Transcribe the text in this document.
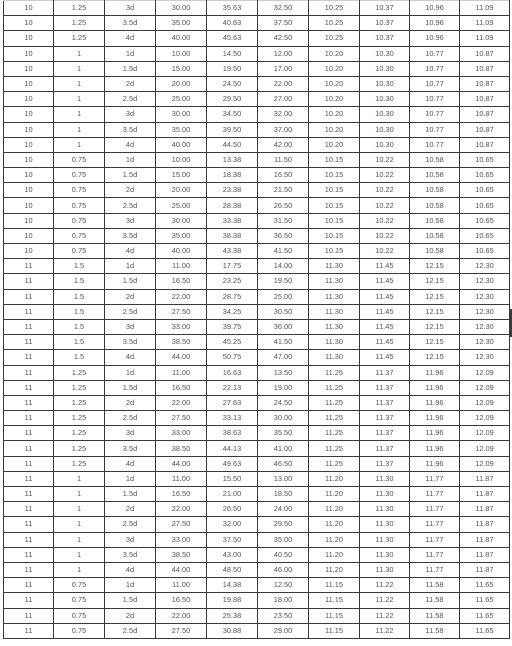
10	1.25	3d	30.00	35.63	32.50	10.25	10.37	10.96	11.09
10	1.25	3.5d	35.00	40.63	37.50	10.25	10.37	10.96	11.09
10	1.25	4d	40.00	45.63	42.50	10.25	10.37	10.96	11.09
10	1	1d	10.00	14.50	12.00	10.20	10.30	10.77	10.87
10	1	1.5d	15.00	19.50	17.00	10.20	10.30	10.77	10.87
10	1	2d	20.00	24.50	22.00	10.20	10.30	10.77	10.87
10	1	2.5d	25.00	29.50	27.00	10.20	10.30	10.77	10.87
10	1	3d	30.00	34.50	32.00	10.20	10.30	10.77	10.87
10	1	3.5d	35.00	39.50	37.00	10.20	10.30	10.77	10.87
10	1	4d	40.00	44.50	42.00	10.20	10.30	10.77	10.87
10	0.75	1d	10.00	13.38	11.50	10.15	10.22	10.58	10.65
10	0.75	1.5d	15.00	18.38	16.50	10.15	10.22	10.58	10.65
10	0.75	2d	20.00	23.38	21.50	10.15	10.22	10.58	10.65
10	0.75	2.5d	25.00	28.38	26.50	10.15	10.22	10.58	10.65
10	0.75	3d	30.00	33.38	31.50	10.15	10.22	10.58	10.65
10	0.75	3.5d	35.00	38.38	36.50	10.15	10.22	10.58	10.65
10	0.75	4d	40.00	43.38	41.50	10.15	10.22	10.58	10.65
11	1.5	1d	11.00	17.75	14.00	11.30	11.45	12.15	12.30
11	1.5	1.5d	16.50	23.25	19.50	11.30	11.45	12.15	12.30
11	1.5	2d	22.00	28.75	25.00	11.30	11.45	12.15	12.30
11	1.5	2.5d	27.50	34.25	30.50	11.30	11.45	12.15	12.30
11	1.5	3d	33.00	39.75	36.00	11.30	11.45	12.15	12.30
11	1.5	3.5d	38.50	45.25	41.50	11.30	11.45	12.15	12.30
11	1.5	4d	44.00	50.75	47.00	11.30	11.45	12.15	12.30
11	1.25	1d	11.00	16.63	13.50	11.25	11.37	11.96	12.09
11	1.25	1.5d	16.50	22.13	19.00	11.25	11.37	11.96	12.09
11	1.25	2d	22.00	27.63	24.50	11.25	11.37	11.96	12.09
11	1.25	2.5d	27.50	33.13	30.00	11.25	11.37	11.96	12.09
11	1.25	3d	33.00	38.63	35.50	11.25	11.37	11.96	12.09
11	1.25	3.5d	38.50	44.13	41.00	11.25	11.37	11.96	12.09
11	1.25	4d	44.00	49.63	46.50	11.25	11.37	11.96	12.09
11	1	1d	11.00	15.50	13.00	11.20	11.30	11.77	11.87
11	1	1.5d	16.50	21.00	18.50	11.20	11.30	11.77	11.87
11	1	2d	22.00	26.50	24.00	11.20	11.30	11.77	11.87
11	1	2.5d	27.50	32.00	29.50	11.20	11.30	11.77	11.87
11	1	3d	33.00	37.50	35.00	11.20	11.30	11.77	11.87
11	1	3.5d	38.50	43.00	40.50	11.20	11.30	11.77	11.87
11	1	4d	44.00	48.50	46.00	11.20	11.30	11.77	11.87
11	0.75	1d	11.00	14.38	12.50	11.15	11.22	11.58	11.65
11	0.75	1.5d	16.50	19.88	18.00	11.15	11.22	11.58	11.65
11	0.75	2d	22.00	25.38	23.50	11.15	11.22	11.58	11.65
11	0.75	2.5d	27.50	30.88	29.00	11.15	11.22	11.58	11.65
